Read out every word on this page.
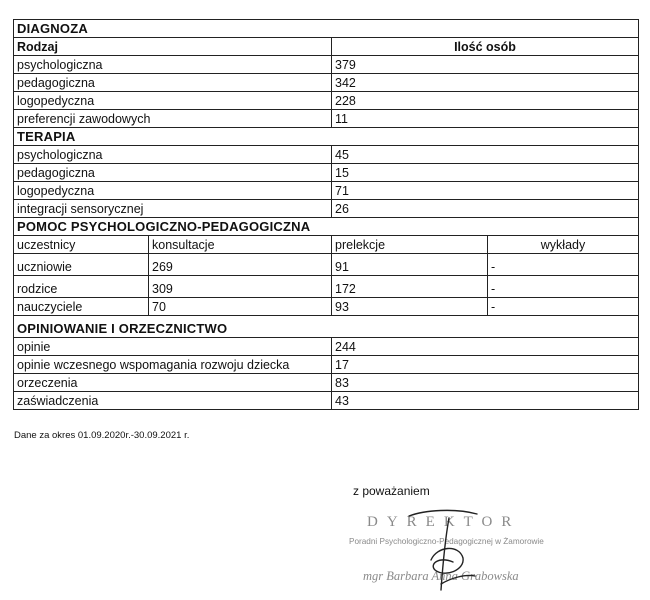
DIAGNOZA			
Rodzaj		Ilość osób	
psychologiczna		379	
pedagogiczna		342	
logopedyczna		228	
preferencji zawodowych		11	
TERAPIA			
psychologiczna		45	
pedagogiczna		15	
logopedyczna		71	
integracji sensorycznej		26	
POMOC PSYCHOLOGICZNO-PEDAGOGICZNA			
uczestnicy	konsultacje	prelekcje	wykłady
uczniowie	269	91	-
rodzice	309	172	-
nauczyciele	70	93	-
OPINIOWANIE I ORZECZNICTWO			
opinie		244	
opinie wczesnego wspomagania rozwoju dziecka		17	
orzeczenia		83	
zaświadczenia		43	
Dane za okres 01.09.2020r.-30.09.2021 r.
z poważaniem
DYREKTOR
Poradni Psychologiczno-Pedagogicznej w Żamorowie
mgr Barbara Anna Grabowska
